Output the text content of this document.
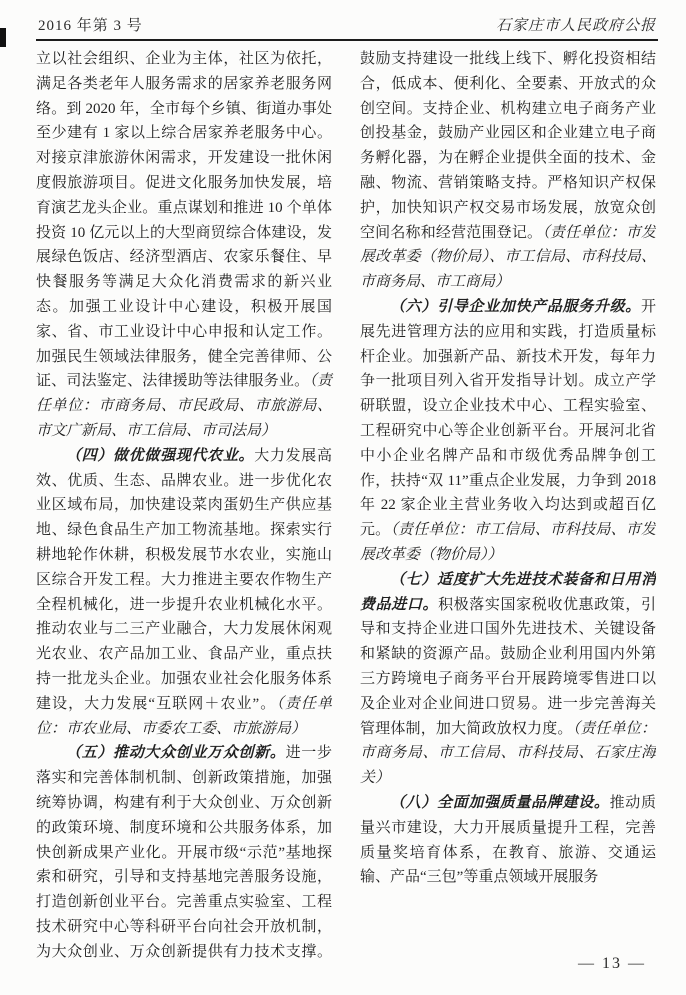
2016 年第 3 号	石家庄市人民政府公报

立以社会组织、企业为主体，社区为依托，满足各类老年人服务需求的居家养老服务网络。到 2020 年，全市每个乡镇、街道办事处至少建有 1 家以上综合居家养老服务中心。对接京津旅游休闲需求，开发建设一批休闲度假旅游项目。促进文化服务加快发展，培育演艺龙头企业。重点谋划和推进 10 个单体投资 10 亿元以上的大型商贸综合体建设，发展绿色饭店、经济型酒店、农家乐餐住、早快餐服务等满足大众化消费需求的新兴业态。加强工业设计中心建设，积极开展国家、省、市工业设计中心申报和认定工作。加强民生领域法律服务，健全完善律师、公证、司法鉴定、法律援助等法律服务业。（责任单位：市商务局、市民政局、市旅游局、市文广新局、市工信局、市司法局）

（四）做优做强现代农业。大力发展高效、优质、生态、品牌农业。进一步优化农业区域布局，加快建设菜肉蛋奶生产供应基地、绿色食品生产加工物流基地。探索实行耕地轮作休耕，积极发展节水农业，实施山区综合开发工程。大力推进主要农作物生产全程机械化，进一步提升农业机械化水平。推动农业与二三产业融合，大力发展休闲观光农业、农产品加工业、食品产业，重点扶持一批龙头企业。加强农业社会化服务体系建设，大力发展“互联网＋农业”。（责任单位：市农业局、市委农工委、市旅游局）

（五）推动大众创业万众创新。进一步落实和完善体制机制、创新政策措施，加强统筹协调，构建有利于大众创业、万众创新的政策环境、制度环境和公共服务体系，加快创新成果产业化。开展市级“示范”基地探索和研究，引导和支持基地完善服务设施，打造创新创业平台。完善重点实验室、工程技术研究中心等科研平台向社会开放机制，为大众创业、万众创新提供有力技术支撑。鼓励支持建设一批线上线下、孵化投资相结合，低成本、便利化、全要素、开放式的众创空间。支持企业、机构建立电子商务产业创投基金，鼓励产业园区和企业建立电子商务孵化器，为在孵企业提供全面的技术、金融、物流、营销策略支持。严格知识产权保护，加快知识产权交易市场发展，放宽众创空间名称和经营范围登记。（责任单位：市发展改革委（物价局）、市工信局、市科技局、市商务局、市工商局）

（六）引导企业加快产品服务升级。开展先进管理方法的应用和实践，打造质量标杆企业。加强新产品、新技术开发，每年力争一批项目列入省开发指导计划。成立产学研联盟，设立企业技术中心、工程实验室、工程研究中心等企业创新平台。开展河北省中小企业名牌产品和市级优秀品牌争创工作，扶持“双 11”重点企业发展，力争到 2018 年 22 家企业主营业务收入均达到或超百亿元。（责任单位：市工信局、市科技局、市发展改革委（物价局））

（七）适度扩大先进技术装备和日用消费品进口。积极落实国家税收优惠政策，引导和支持企业进口国外先进技术、关键设备和紧缺的资源产品。鼓励企业利用国内外第三方跨境电子商务平台开展跨境零售进口以及企业对企业间进口贸易。进一步完善海关管理体制，加大简政放权力度。（责任单位：市商务局、市工信局、市科技局、石家庄海关）

（八）全面加强质量品牌建设。推动质量兴市建设，大力开展质量提升工程，完善质量奖培育体系，在教育、旅游、交通运输、产品“三包”等重点领域开展服务

— 13 —
